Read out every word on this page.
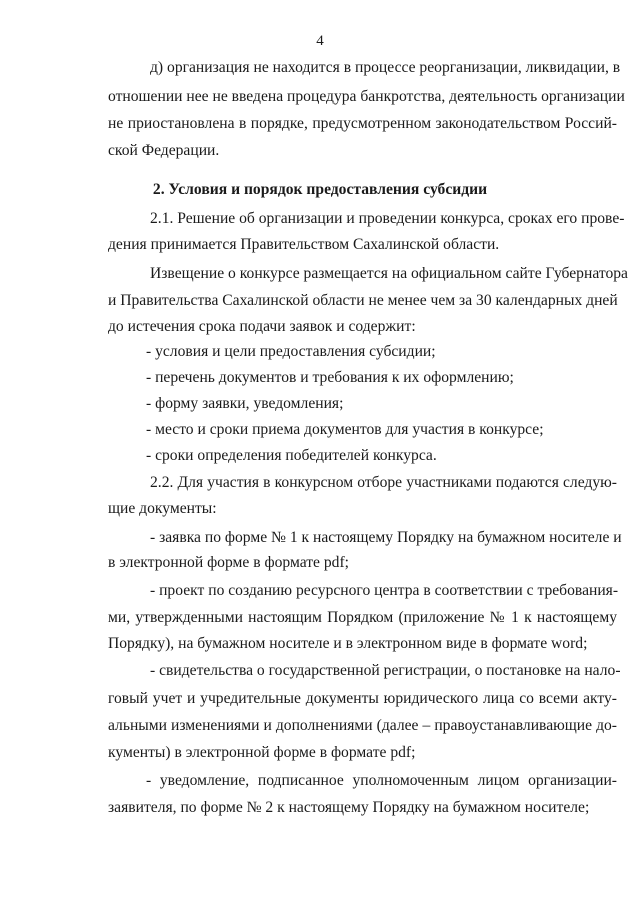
4
д) организация не находится в процессе реорганизации, ликвидации, в
отношении нее не введена процедура банкротства, деятельность организации
не приостановлена в порядке, предусмотренном законодательством Россий-
ской Федерации.
2. Условия и порядок предоставления субсидии
2.1. Решение об организации и проведении конкурса, сроках его прове-
дения принимается Правительством Сахалинской области.
Извещение о конкурсе размещается на официальном сайте Губернатора
и Правительства Сахалинской области не менее чем за 30 календарных дней
до истечения срока подачи заявок и содержит:
- условия и цели предоставления субсидии;
- перечень документов и требования к их оформлению;
- форму заявки, уведомления;
- место и сроки приема документов для участия в конкурсе;
- сроки определения победителей конкурса.
2.2. Для участия в конкурсном отборе участниками подаются следую-
щие документы:
- заявка по форме № 1 к настоящему Порядку на бумажном носителе и
в электронной форме в формате pdf;
- проект по созданию ресурсного центра в соответствии с требования-
ми, утвержденными настоящим Порядком (приложение № 1 к настоящему
Порядку), на бумажном носителе и в электронном виде в формате word;
- свидетельства о государственной регистрации, о постановке на нало-
говый учет и учредительные документы юридического лица со всеми акту-
альными изменениями и дополнениями (далее – правоустанавливающие до-
кументы) в электронной форме в формате pdf;
- уведомление, подписанное уполномоченным лицом организации-
заявителя, по форме № 2 к настоящему Порядку на бумажном носителе;
